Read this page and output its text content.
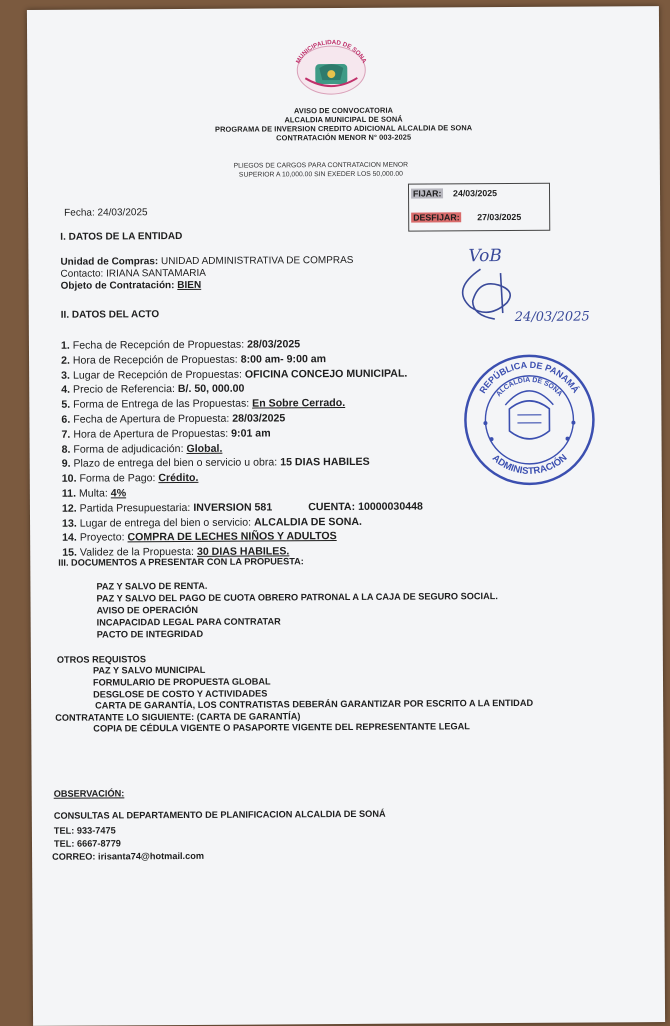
MUNICIPALIDAD DE SONA
AVISO DE CONVOCATORIA
ALCALDIA MUNICIPAL DE SONÁ
PROGRAMA DE INVERSION CREDITO ADICIONAL ALCALDIA DE SONA
CONTRATACIÓN MENOR N° 003-2025
PLIEGOS DE CARGOS PARA CONTRATACION MENOR
SUPERIOR A 10,000.00 SIN EXEDER LOS 50,000.00
Fecha: 24/03/2025
FIJAR: 24/03/2025
DESFIJAR: 27/03/2025
I. DATOS DE LA ENTIDAD
Unidad de Compras: UNIDAD ADMINISTRATIVA DE COMPRAS
Contacto: IRIANA SANTAMARIA
Objeto de Contratación: BIEN
II. DATOS DEL ACTO
1. Fecha de Recepción de Propuestas: 28/03/2025
2. Hora de Recepción de Propuestas: 8:00 am- 9:00 am
3. Lugar de Recepción de Propuestas: OFICINA CONCEJO MUNICIPAL.
4. Precio de Referencia: B/. 50, 000.00
5. Forma de Entrega de las Propuestas: En Sobre Cerrado.
6. Fecha de Apertura de Propuesta: 28/03/2025
7. Hora de Apertura de Propuestas: 9:01 am
8. Forma de adjudicación: Global.
9. Plazo de entrega del bien o servicio u obra: 15 DIAS HABILES
10. Forma de Pago: Crédito.
11. Multa: 4%
12. Partida Presupuestaria: INVERSION 581	CUENTA: 10000030448
13. Lugar de entrega del bien o servicio: ALCALDIA DE SONA.
14. Proyecto: COMPRA DE LECHES NIÑOS Y ADULTOS
15. Validez de la Propuesta: 30 DIAS HABILES.
VoB
24/03/2025
REPÚBLICA DE PANAMÁ
ALCALDÍA DE SONÁ
ADMINISTRACIÓN
III. DOCUMENTOS A PRESENTAR CON LA PROPUESTA:
PAZ Y SALVO DE RENTA.
PAZ Y SALVO DEL PAGO DE CUOTA OBRERO PATRONAL A LA CAJA DE SEGURO SOCIAL.
AVISO DE OPERACIÓN
INCAPACIDAD LEGAL PARA CONTRATAR
PACTO DE INTEGRIDAD
OTROS REQUISTOS
PAZ Y SALVO MUNICIPAL
FORMULARIO DE PROPUESTA GLOBAL
DESGLOSE DE COSTO Y ACTIVIDADES
CARTA DE GARANTÍA, LOS CONTRATISTAS DEBERÁN GARANTIZAR POR ESCRITO A LA ENTIDAD
CONTRATANTE LO SIGUIENTE: (CARTA DE GARANTÍA)
COPIA DE CÉDULA VIGENTE O PASAPORTE VIGENTE DEL REPRESENTANTE LEGAL
OBSERVACIÓN:
CONSULTAS AL DEPARTAMENTO DE PLANIFICACION ALCALDIA DE SONÁ
TEL: 933-7475
TEL: 6667-8779
CORREO: irisanta74@hotmail.com
